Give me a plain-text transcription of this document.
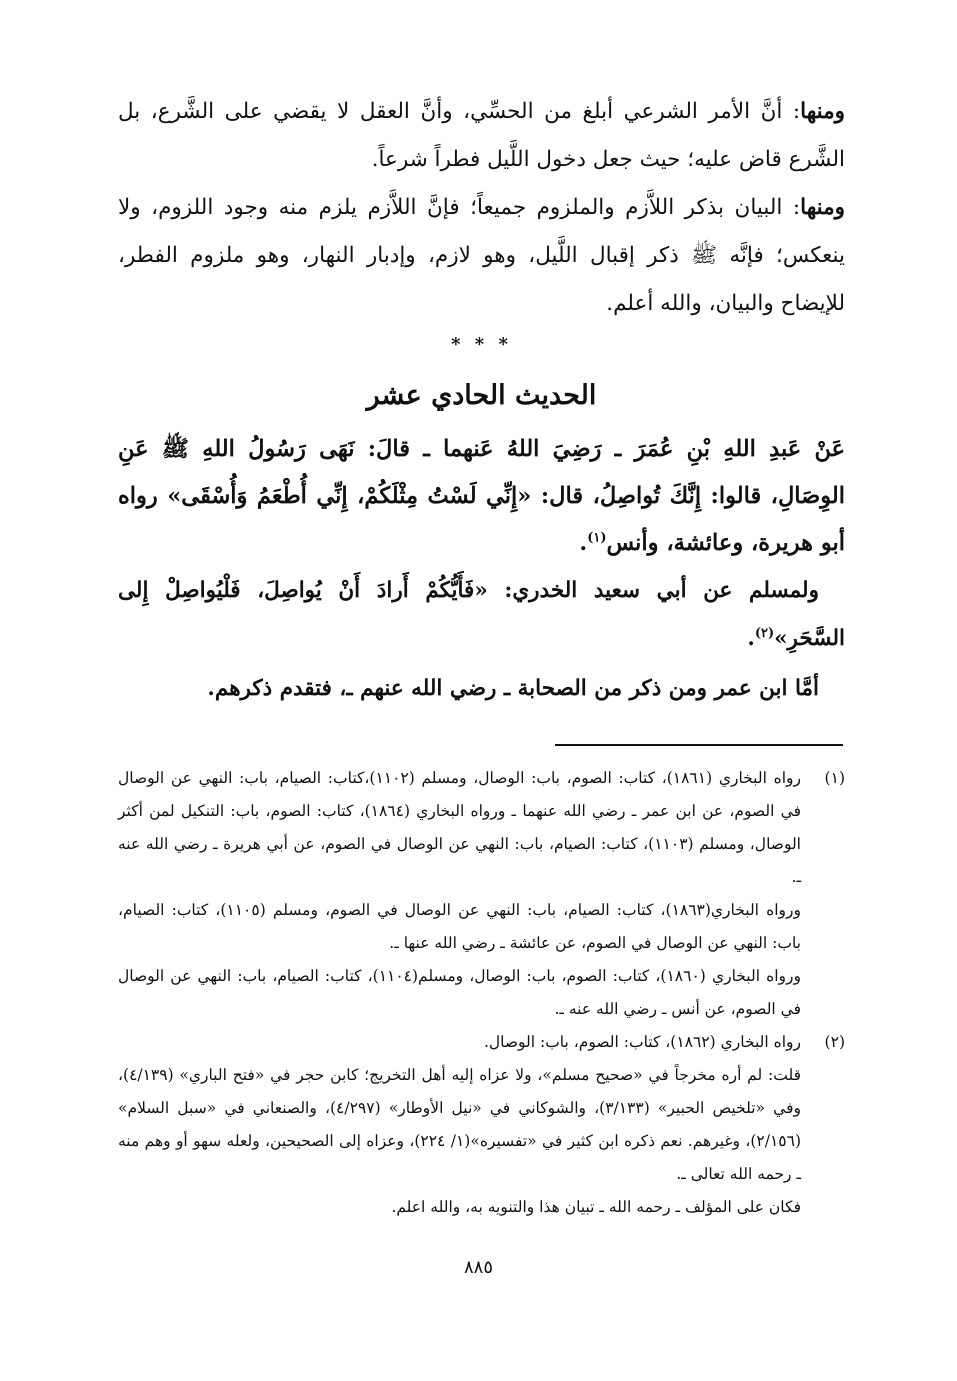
ومنها: أنَّ الأمر الشرعي أبلغ من الحسِّي، وأنَّ العقل لا يقضي على الشَّرع، بل الشَّرع قاض عليه؛ حيث جعل دخول اللَّيل فطراً شرعاً.

ومنها: البيان بذكر اللاَّزم والملزوم جميعاً؛ فإنَّ اللاَّزم يلزم منه وجود اللزوم، ولا ينعكس؛ فإنَّه ﷺ ذكر إقبال اللَّيل، وهو لازم، وإدبار النهار، وهو ملزوم الفطر، للإيضاح والبيان، والله أعلم.

* * *
الحديث الحادي عشر

عَنْ عَبدِ اللهِ بْنِ عُمَرَ ـ رَضِيَ اللهُ عَنهما ـ قالَ: نَهَى رَسُولُ اللهِ ﷺ عَنِ الوِصَالِ، قالوا: إِنَّكَ تُواصِلُ، قال: «إِنِّي لَسْتُ مِثْلَكُمْ، إِنِّي أُطْعَمُ وَأُسْقَى» رواه أبو هريرة، وعائشة، وأنس$^{(١)}$.

ولمسلم عن أبي سعيد الخدري: «فَأَيُّكُمْ أَرادَ أَنْ يُواصِلَ، فَلْيُواصِلْ إِلى السَّحَرِ»$^{(٢)}$.

أمَّا ابن عمر ومن ذكر من الصحابة ـ رضي الله عنهم ـ، فتقدم ذكرهم.

(١)

رواه البخاري (١٨٦١)، كتاب: الصوم، باب: الوصال، ومسلم (١١٠٢)،كتاب: الصيام، باب: النهي عن الوصال في الصوم، عن ابن عمر ـ رضي الله عنهما ـ ورواه البخاري (١٨٦٤)، كتاب: الصوم، باب: التنكيل لمن أكثر الوصال، ومسلم (١١٠٣)، كتاب: الصيام، باب: النهي عن الوصال في الصوم، عن أبي هريرة ـ رضي الله عنه ـ.

ورواه البخاري(١٨٦٣)، كتاب: الصيام، باب: النهي عن الوصال في الصوم، ومسلم (١١٠٥)، كتاب: الصيام، باب: النهي عن الوصال في الصوم، عن عائشة ـ رضي الله عنها ـ.

ورواه البخاري (١٨٦٠)، كتاب: الصوم، باب: الوصال، ومسلم(١١٠٤)، كتاب: الصيام، باب: النهي عن الوصال في الصوم، عن أنس ـ رضي الله عنه ـ.

(٢)

رواه البخاري (١٨٦٢)، كتاب: الصوم، باب: الوصال.

قلت: لم أره مخرجاً في «صحيح مسلم»، ولا عزاه إليه أهل التخريج؛ كابن حجر في «فتح الباري» (٤/١٣٩)، وفي «تلخيص الحبير» (٣/١٣٣)، والشوكاني في «نيل الأوطار» (٤/٢٩٧)، والصنعاني في «سبل السلام» (٢/١٥٦)، وغيرهم. نعم ذكره ابن كثير في «تفسيره»(١/ ٢٢٤)، وعزاه إلى الصحيحين، ولعله سهو أو وهم منه ـ رحمه الله تعالى ـ.

فكان على المؤلف ـ رحمه الله ـ تبيان هذا والتنويه به، والله اعلم.

٨٨٥
